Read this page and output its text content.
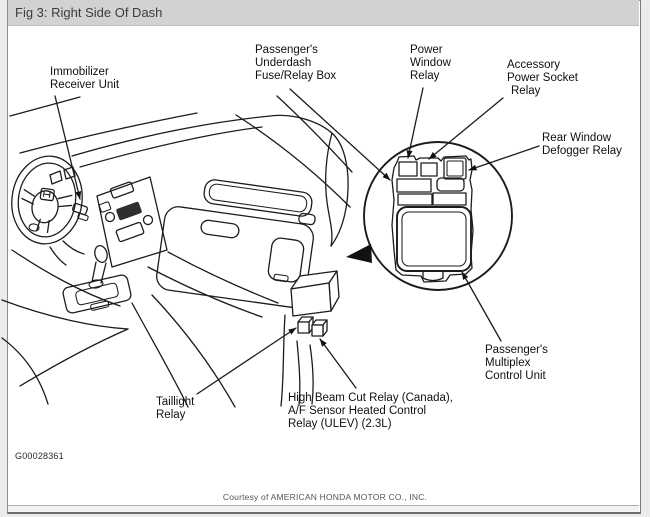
Fig 3: Right Side Of Dash
Immobilizer
Receiver Unit
Passenger's
Underdash
Fuse/Relay Box
Power
Window
Relay
Accessory
Power Socket
Relay
Rear Window
Defogger Relay
Passenger's
Multiplex
Control Unit
Taillight
Relay
High Beam Cut Relay (Canada),
A/F Sensor Heated Control
Relay (ULEV) (2.3L)
G00028361
Courtesy of AMERICAN HONDA MOTOR CO., INC.
